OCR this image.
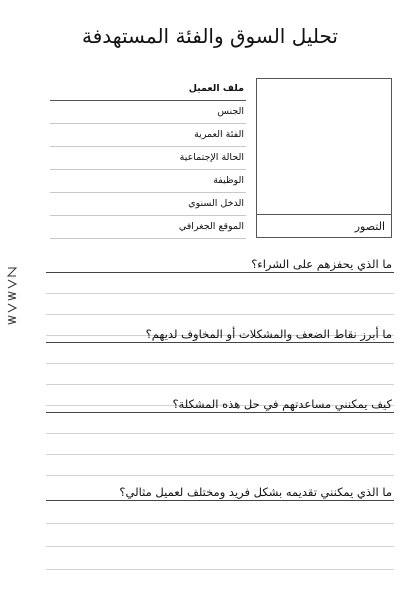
تحليل السوق والفئة المستهدفة
ملف العميل
الجنس
الفئة العمرية
الحالة الإجتماعية
الوظيفة
الدخل السنوي
الموقع الجغرافي	التصور
ما الذي يحفزهم على الشراء؟
ما أبرز نقاط الضعف والمشكلات أو المخاوف لديهم؟
كيف يمكنني مساعدتهم في حل هذه المشكلة؟
ما الذي يمكنني تقديمه بشكل فريد ومختلف لعميل مثالي؟
